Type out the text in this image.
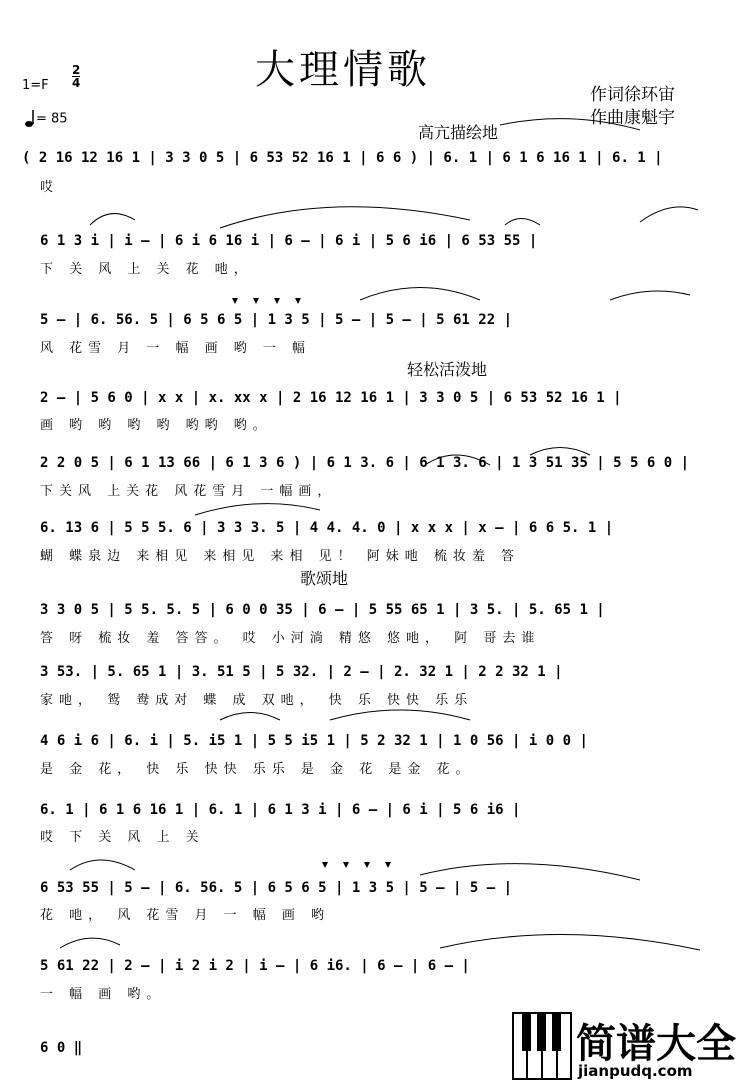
大理情歌
作词徐环宙
作曲康魁宇
$1=F \frac{2}{4}$
= 85
高亢描绘地
轻松活泼地
歌颂地
( 2 16 12 16 1 | 3 3 0 5 | 6 53 52 16 1 | 6 6 ) | 6. 1 | 6 1 6 16 1 | 6. 1 |
哎
6 1 3 i | i – | 6 i 6 16 i | 6 – | 6 i | 5 6 i6 | 6 53 55 |
下 关 风 上 关 花 吔，
5 – | 6. 56. 5 | 6 5 6 5 | 1 3 5 | 5 – | 5 – | 5 61 22 |
风 花雪 月 一 幅 画 哟 一 幅
2 – | 5 6 0 | x x | x. xx x | 2 16 12 16 1 | 3 3 0 5 | 6 53 52 16 1 |
画 哟 哟 哟 哟 哟哟 哟。
2 2 0 5 | 6 1 13 66 | 6 1 3 6 ) | 6 1 3. 6 | 6 1 3. 6 | 1 3 51 35 | 5 5 6 0 |
下关风 上关花 风花雪月 一幅画，
6. 13 6 | 5 5 5. 6 | 3 3 3. 5 | 4 4. 4. 0 | x x x | x – | 6 6 5. 1 |
蝴 蝶泉边 来相见 来相见 来相 见！ 阿妹吔 梳妆羞 答
3 3 0 5 | 5 5. 5. 5 | 6 0 0 35 | 6 – | 5 55 65 1 | 3 5. | 5. 65 1 |
答 呀 梳妆 羞 答答。 哎 小河淌 精悠 悠吔， 阿 哥去谁
3 53. | 5. 65 1 | 3. 51 5 | 5 32. | 2 – | 2. 32 1 | 2 2 32 1 |
家吔， 鸳 鸯成对 蝶 成 双吔， 快 乐 快快 乐乐
4 6 i 6 | 6. i | 5. i5 1 | 5 5 i5 1 | 5 2 32 1 | 1 0 56 | i 0 0 |
是 金 花， 快 乐 快快 乐乐 是 金 花 是金 花。
6. 1 | 6 1 6 16 1 | 6. 1 | 6 1 3 i | 6 – | 6 i | 5 6 i6 |
哎 下 关 风 上 关
6 53 55 | 5 – | 6. 56. 5 | 6 5 6 5 | 1 3 5 | 5 – | 5 – |
花 吔， 风 花雪 月 一 幅 画 哟
5 61 22 | 2 – | i 2 i 2 | i – | 6 i6. | 6 – | 6 – |
一 幅 画 哟。
6 0 ‖	简谱大全
jianpudq.com
